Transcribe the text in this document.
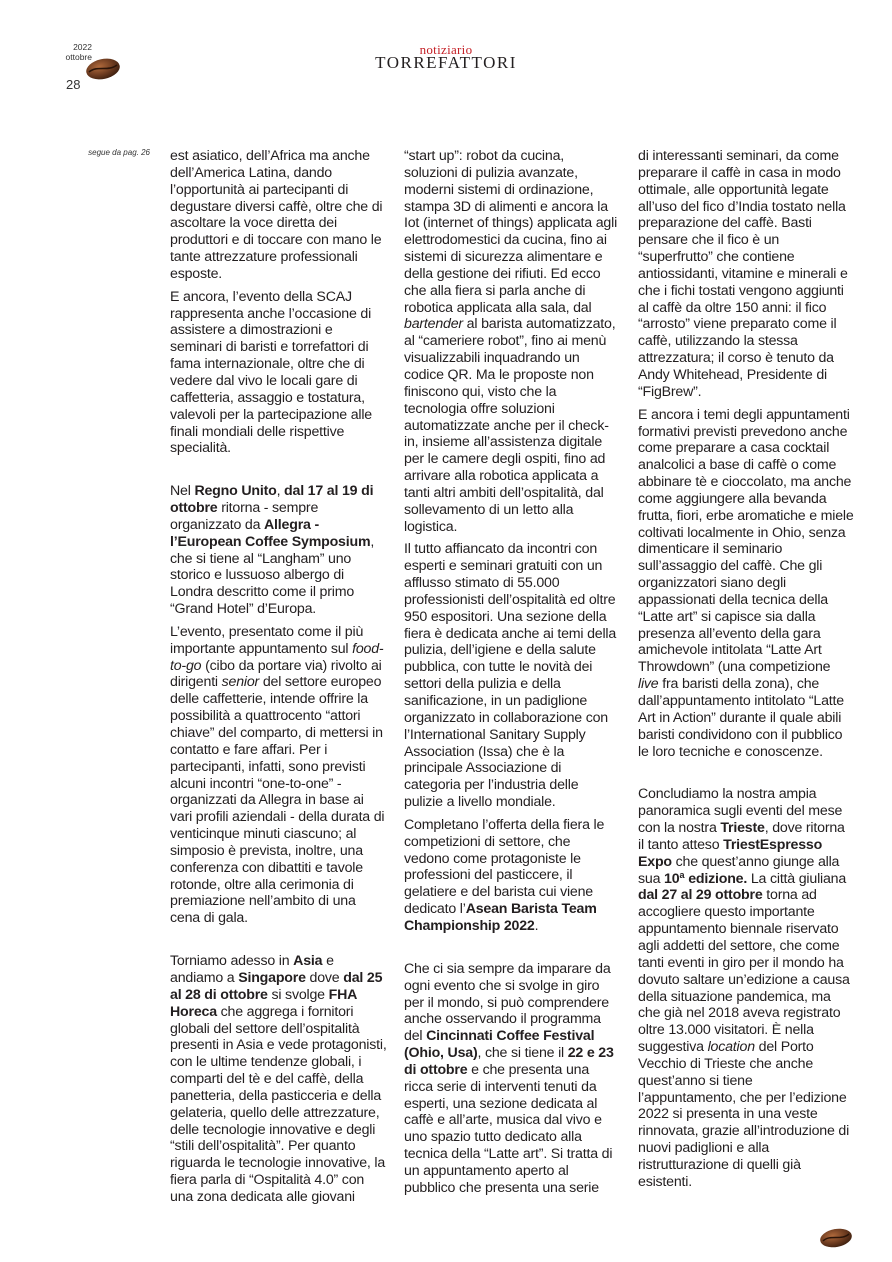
2022
ottobre
28
notiziario
TORREFATTORI
segue da pag. 26 est asiatico, dell’Africa ma anche dell’America Latina, dando l’opportunità ai partecipanti di degustare diversi caffè, oltre che di ascoltare la voce diretta dei produttori e di toccare con mano le tante attrezzature professionali esposte.

E ancora, l’evento della SCAJ rappresenta anche l’occasione di assistere a dimostrazioni e seminari di baristi e torrefattori di fama internazionale, oltre che di vedere dal vivo le locali gare di caffetteria, assaggio e tostatura, valevoli per la partecipazione alle finali mondiali delle rispettive specialità.

Nel Regno Unito, dal 17 al 19 di ottobre ritorna - sempre organizzato da Allegra - l’European Coffee Symposium, che si tiene al “Langham” uno storico e lussuoso albergo di Londra descritto come il primo “Grand Hotel” d’Europa.

L’evento, presentato come il più importante appuntamento sul food-to-go (cibo da portare via) rivolto ai dirigenti senior del settore europeo delle caffetterie, intende offrire la possibilità a quattrocento “attori chiave” del comparto, di mettersi in contatto e fare affari. Per i partecipanti, infatti, sono previsti alcuni incontri “one-to-one” - organizzati da Allegra in base ai vari profili aziendali - della durata di venticinque minuti ciascuno; al simposio è prevista, inoltre, una conferenza con dibattiti e tavole rotonde, oltre alla cerimonia di premiazione nell’ambito di una cena di gala.

Torniamo adesso in Asia e andiamo a Singapore dove dal 25 al 28 di ottobre si svolge FHA Horeca che aggrega i fornitori globali del settore dell’ospitalità presenti in Asia e vede protagonisti, con le ultime tendenze globali, i comparti del tè e del caffè, della panetteria, della pasticceria e della gelateria, quello delle attrezzature, delle tecnologie innovative e degli “stili dell’ospitalità”. Per quanto riguarda le tecnologie innovative, la fiera parla di “Ospitalità 4.0” con una zona dedicata alle giovani

“start up”: robot da cucina, soluzioni di pulizia avanzate, moderni sistemi di ordinazione, stampa 3D di alimenti e ancora la Iot (internet of things) applicata agli elettrodomestici da cucina, fino ai sistemi di sicurezza alimentare e della gestione dei rifiuti. Ed ecco che alla fiera si parla anche di robotica applicata alla sala, dal bartender al barista automatizzato, al “cameriere robot”, fino ai menù visualizzabili inquadrando un codice QR. Ma le proposte non finiscono qui, visto che la tecnologia offre soluzioni automatizzate anche per il check-in, insieme all’assistenza digitale per le camere degli ospiti, fino ad arrivare alla robotica applicata a tanti altri ambiti dell’ospitalità, dal sollevamento di un letto alla logistica.

Il tutto affiancato da incontri con esperti e seminari gratuiti con un afflusso stimato di 55.000 professionisti dell’ospitalità ed oltre 950 espositori. Una sezione della fiera è dedicata anche ai temi della pulizia, dell’igiene e della salute pubblica, con tutte le novità dei settori della pulizia e della sanificazione, in un padiglione organizzato in collaborazione con l’International Sanitary Supply Association (Issa) che è la principale Associazione di categoria per l’industria delle pulizie a livello mondiale.

Completano l’offerta della fiera le competizioni di settore, che vedono come protagoniste le professioni del pasticcere, il gelatiere e del barista cui viene dedicato l’Asean Barista Team Championship 2022.

Che ci sia sempre da imparare da ogni evento che si svolge in giro per il mondo, si può comprendere anche osservando il programma del Cincinnati Coffee Festival (Ohio, Usa), che si tiene il 22 e 23 di ottobre e che presenta una ricca serie di interventi tenuti da esperti, una sezione dedicata al caffè e all’arte, musica dal vivo e uno spazio tutto dedicato alla tecnica della “Latte art”. Si tratta di un appuntamento aperto al pubblico che presenta una serie

di interessanti seminari, da come preparare il caffè in casa in modo ottimale, alle opportunità legate all’uso del fico d’India tostato nella preparazione del caffè. Basti pensare che il fico è un “superfrutto” che contiene antiossidanti, vitamine e minerali e che i fichi tostati vengono aggiunti al caffè da oltre 150 anni: il fico “arrosto” viene preparato come il caffè, utilizzando la stessa attrezzatura; il corso è tenuto da Andy Whitehead, Presidente di “FigBrew”.

E ancora i temi degli appuntamenti formativi previsti prevedono anche come preparare a casa cocktail analcolici a base di caffè o come abbinare tè e cioccolato, ma anche come aggiungere alla bevanda frutta, fiori, erbe aromatiche e miele coltivati localmente in Ohio, senza dimenticare il seminario sull’assaggio del caffè. Che gli organizzatori siano degli appassionati della tecnica della “Latte art” si capisce sia dalla presenza all’evento della gara amichevole intitolata “Latte Art Throwdown” (una competizione live fra baristi della zona), che dall’appuntamento intitolato “Latte Art in Action” durante il quale abili baristi condividono con il pubblico le loro tecniche e conoscenze.

Concludiamo la nostra ampia panoramica sugli eventi del mese con la nostra Trieste, dove ritorna il tanto atteso TriestEspresso Expo che quest’anno giunge alla sua 10ª edizione. La città giuliana dal 27 al 29 ottobre torna ad accogliere questo importante appuntamento biennale riservato agli addetti del settore, che come tanti eventi in giro per il mondo ha dovuto saltare un’edizione a causa della situazione pandemica, ma che già nel 2018 aveva registrato oltre 13.000 visitatori. È nella suggestiva location del Porto Vecchio di Trieste che anche quest’anno si tiene l’appuntamento, che per l’edizione 2022 si presenta in una veste rinnovata, grazie all’introduzione di nuovi padiglioni e alla ristrutturazione di quelli già esistenti.
